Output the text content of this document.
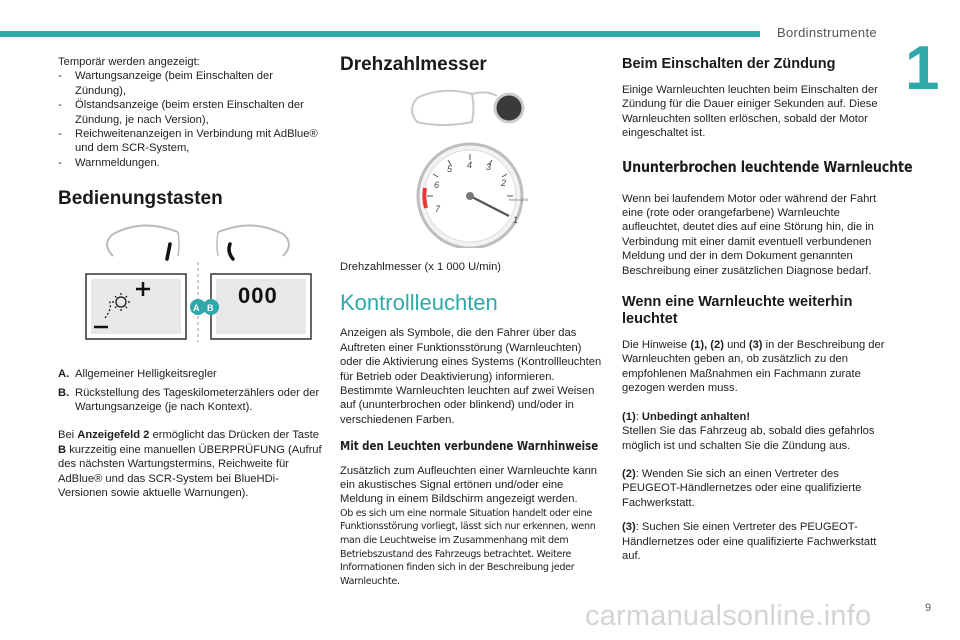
Bordinstrumente
1
Temporär werden angezeigt:
- Wartungsanzeige (beim Einschalten der Zündung),
- Ölstandsanzeige (beim ersten Einschalten der Zündung, je nach Version),
- Reichweitenanzeigen in Verbindung mit AdBlue® und dem SCR-System,
- Warnmeldungen.
Bedienungstasten
A B 000
A. Allgemeiner Helligkeitsregler
B. Rückstellung des Tageskilometerzählers oder der Wartungsanzeige (je nach Kontext).

Bei Anzeigefeld 2 ermöglicht das Drücken der Taste B kurzzeitig eine manuellen ÜBERPRÜFUNG (Aufruf des nächsten Wartungstermins, Reichweite für AdBlue® und das SCR-System bei BlueHDi-Versionen sowie aktuelle Warnungen).

Drehzahlmesser
1
2
3
4
5
6
7
tr/min x1000
Drehzahlmesser (x 1 000 U/min)
Kontrollleuchten

Anzeigen als Symbole, die den Fahrer über das Auftreten einer Funktionsstörung (Warnleuchten) oder die Aktivierung eines Systems (Kontrollleuchten für Betrieb oder Deaktivierung) informieren. Bestimmte Warnleuchten leuchten auf zwei Weisen auf (ununterbrochen oder blinkend) und/oder in verschiedenen Farben.

Mit den Leuchten verbundene Warnhinweise
Zusätzlich zum Aufleuchten einer Warnleuchte kann ein akustisches Signal ertönen und/oder eine Meldung in einem Bildschirm angezeigt werden.
Ob es sich um eine normale Situation handelt oder eine Funktionsstörung vorliegt, lässt sich nur erkennen, wenn man die Leuchtweise im Zusammenhang mit dem Betriebszustand des Fahrzeugs betrachtet. Weitere Informationen finden sich in der Beschreibung jeder Warnleuchte.
Beim Einschalten der Zündung

Einige Warnleuchten leuchten beim Einschalten der Zündung für die Dauer einiger Sekunden auf. Diese Warnleuchten sollten erlöschen, sobald der Motor eingeschaltet ist.

Ununterbrochen leuchtende Warnleuchte

Wenn bei laufendem Motor oder während der Fahrt eine (rote oder orangefarbene) Warnleuchte aufleuchtet, deutet dies auf eine Störung hin, die in Verbindung mit einer damit eventuell verbundenen Meldung und der in dem Dokument genannten Beschreibung einer zusätzlichen Diagnose bedarf.

Wenn eine Warnleuchte weiterhin leuchtet

Die Hinweise (1), (2) und (3) in der Beschreibung der Warnleuchten geben an, ob zusätzlich zu den empfohlenen Maßnahmen ein Fachmann zurate gezogen werden muss.

(1): Unbedingt anhalten!
Stellen Sie das Fahrzeug ab, sobald dies gefahrlos möglich ist und schalten Sie die Zündung aus.

(2): Wenden Sie sich an einen Vertreter des PEUGEOT-Händlernetzes oder eine qualifizierte Fachwerkstatt.

(3): Suchen Sie einen Vertreter des PEUGEOT-Händlernetzes oder eine qualifizierte Fachwerkstatt auf.

carmanualsonline.info	9
